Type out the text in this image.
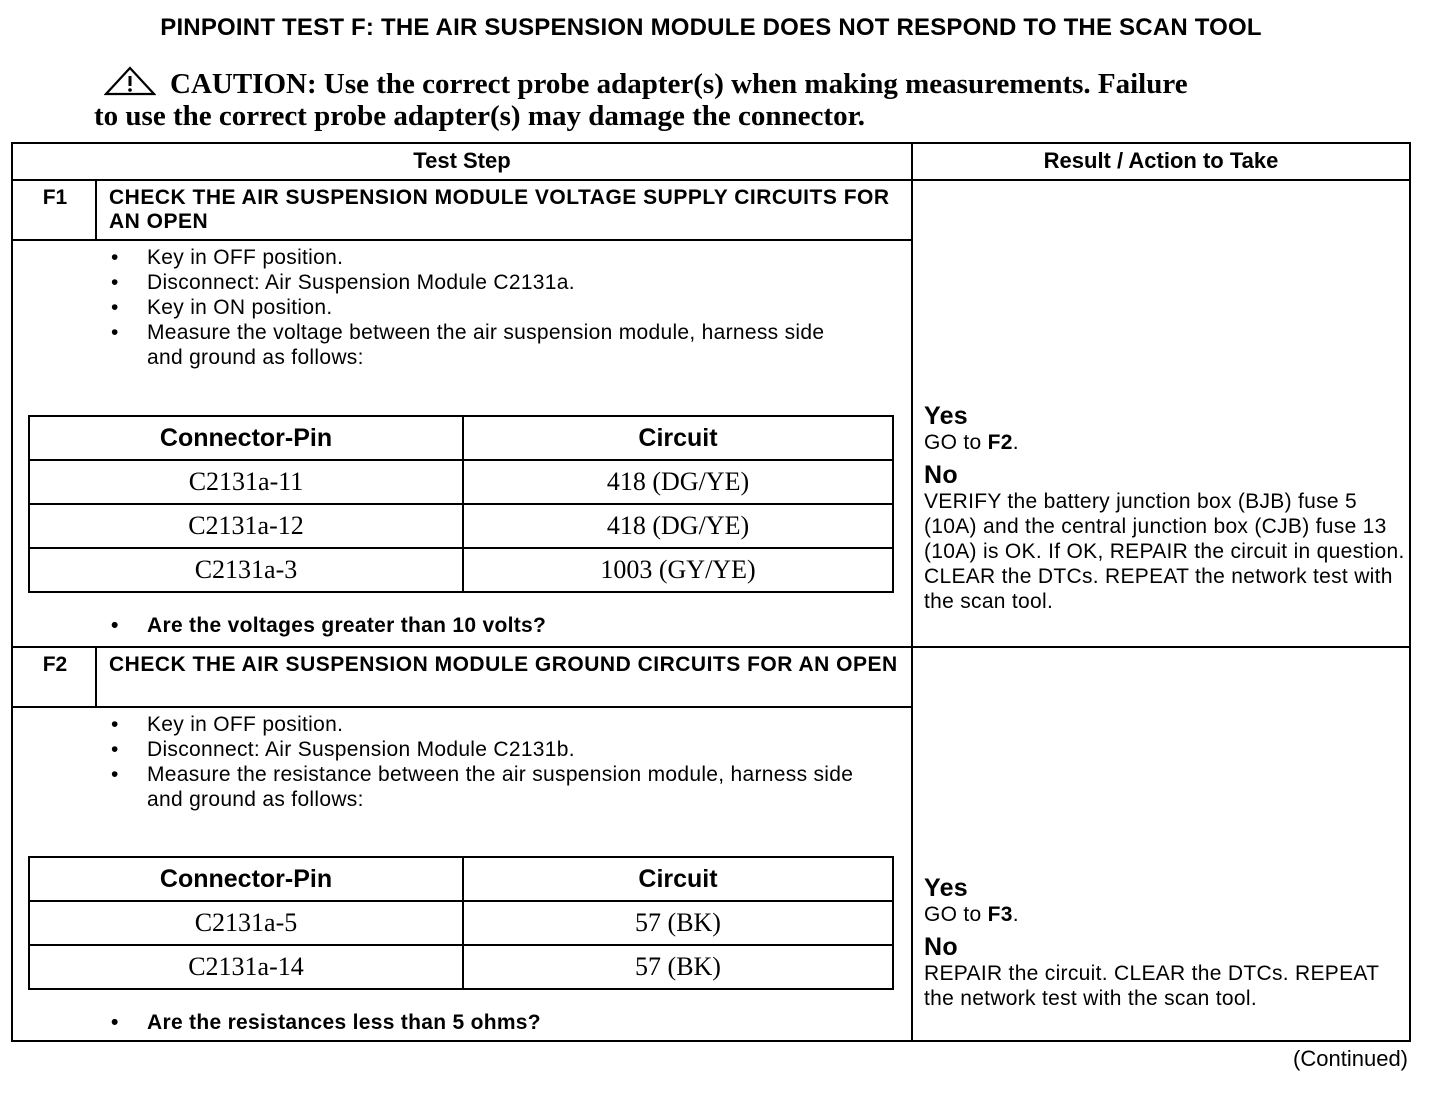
PINPOINT TEST F: THE AIR SUSPENSION MODULE DOES NOT RESPOND TO THE SCAN TOOL
CAUTION: Use the correct probe adapter(s) when making measurements. Failure
to use the correct probe adapter(s) may damage the connector.
Test Step	Result / Action to Take
F1	CHECK THE AIR SUSPENSION MODULE VOLTAGE SUPPLY CIRCUITS FOR AN OPEN
• Key in OFF position.
• Disconnect: Air Suspension Module C2131a.
• Key in ON position.
• Measure the voltage between the air suspension module, harness side and ground as follows:
Connector-Pin	Circuit
C2131a-11	418 (DG/YE)
C2131a-12	418 (DG/YE)
C2131a-3	1003 (GY/YE)
• Are the voltages greater than 10 volts?
Yes
GO to F2.
No
VERIFY the battery junction box (BJB) fuse 5 (10A) and the central junction box (CJB) fuse 13 (10A) is OK. If OK, REPAIR the circuit in question. CLEAR the DTCs. REPEAT the network test with the scan tool.
F2	CHECK THE AIR SUSPENSION MODULE GROUND CIRCUITS FOR AN OPEN
• Key in OFF position.
• Disconnect: Air Suspension Module C2131b.
• Measure the resistance between the air suspension module, harness side and ground as follows:
Connector-Pin	Circuit
C2131a-5	57 (BK)
C2131a-14	57 (BK)
• Are the resistances less than 5 ohms?
Yes
GO to F3.
No
REPAIR the circuit. CLEAR the DTCs. REPEAT the network test with the scan tool.
(Continued)
